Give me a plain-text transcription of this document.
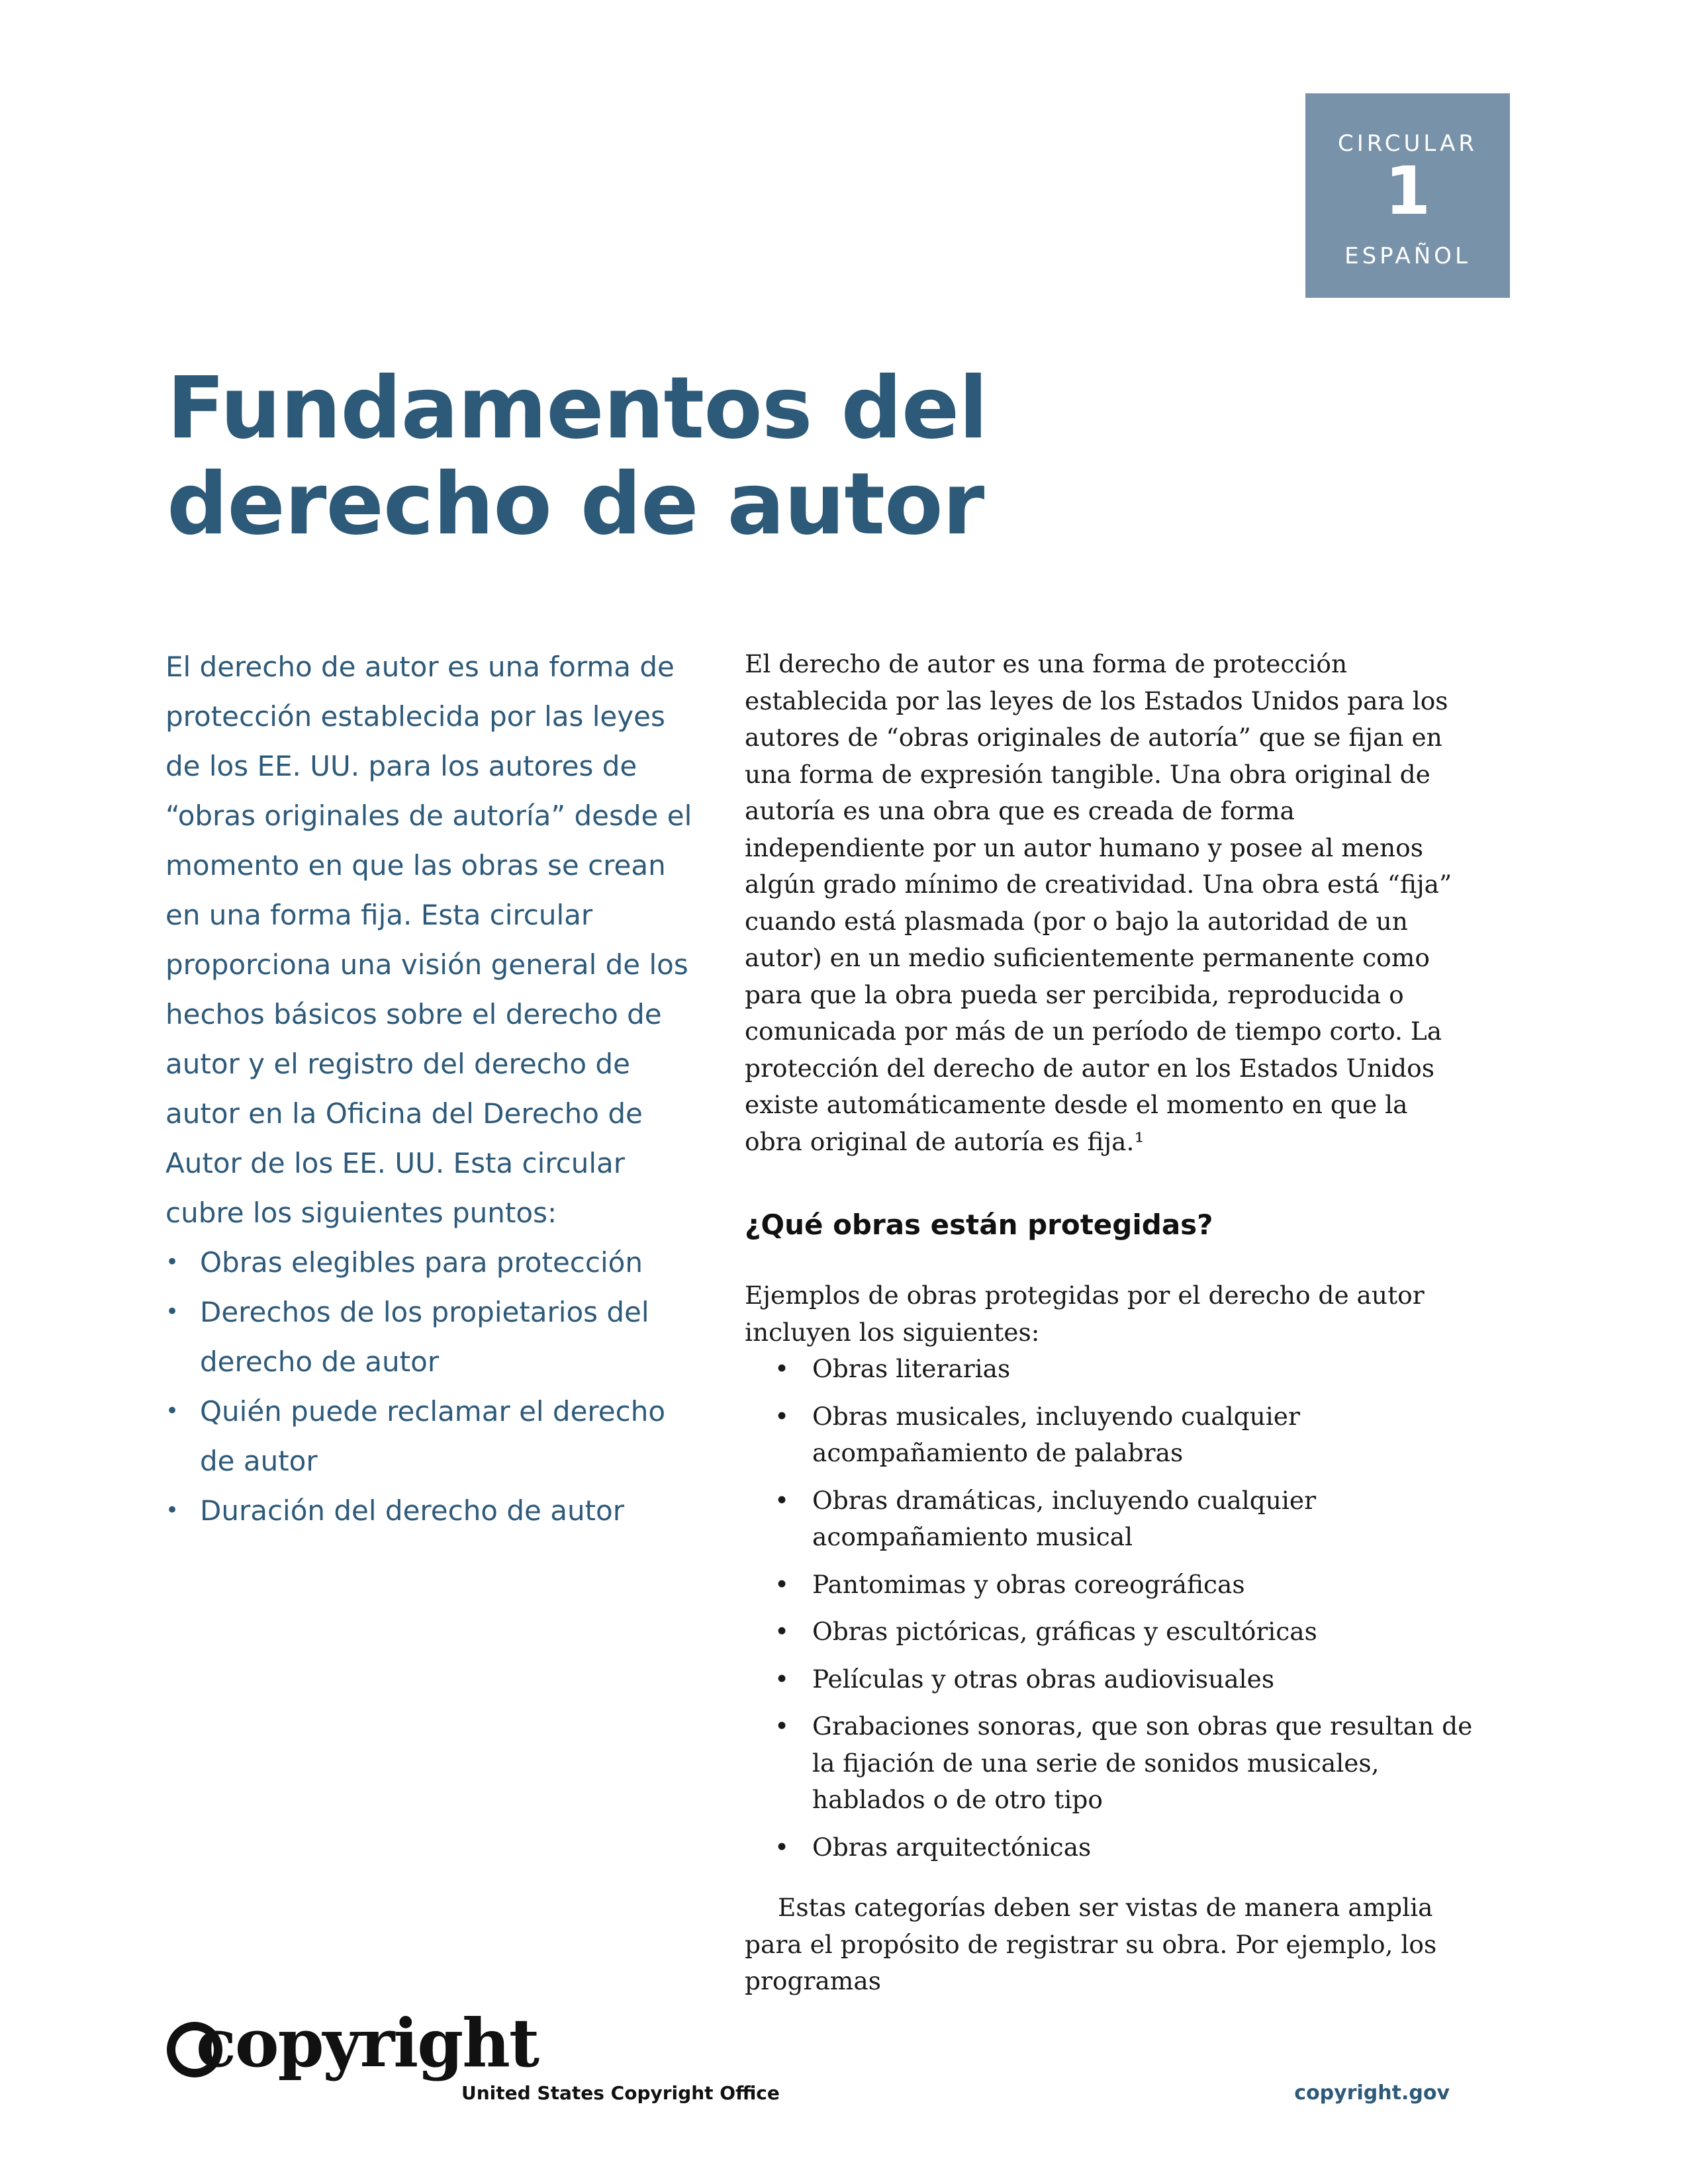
CIRCULAR
1
ESPAÑOL
Fundamentos del
derecho de autor

El derecho de autor es una forma de protección establecida por las leyes de los EE. UU. para los autores de “obras originales de autoría” desde el momento en que las obras se crean en una forma fija. Esta circular proporciona una visión general de los hechos básicos sobre el derecho de autor y el registro del derecho de autor en la Oficina del Derecho de Autor de los EE. UU. Esta circular cubre los siguientes puntos:

• Obras elegibles para protección
• Derechos de los propietarios del derecho de autor
• Quién puede reclamar el derecho de autor
• Duración del derecho de autor

El derecho de autor es una forma de protección establecida por las leyes de los Estados Unidos para los autores de “obras originales de autoría” que se fijan en una forma de expresión tangible. Una obra original de autoría es una obra que es creada de forma independiente por un autor humano y posee al menos algún grado mínimo de creatividad. Una obra está “fija” cuando está plasmada (por o bajo la autoridad de un autor) en un medio suficientemente permanente como para que la obra pueda ser percibida, reproducida o comunicada por más de un período de tiempo corto. La protección del derecho de autor en los Estados Unidos existe automáticamente desde el momento en que la obra original de autoría es fija.¹

¿Qué obras están protegidas?

Ejemplos de obras protegidas por el derecho de autor incluyen los siguientes:

• Obras literarias
• Obras musicales, incluyendo cualquier acompañamiento de palabras
• Obras dramáticas, incluyendo cualquier acompañamiento musical
• Pantomimas y obras coreográficas
• Obras pictóricas, gráficas y escultóricas
• Películas y otras obras audiovisuales
• Grabaciones sonoras, que son obras que resultan de la fijación de una serie de sonidos musicales, hablados o de otro tipo
• Obras arquitectónicas

Estas categorías deben ser vistas de manera amplia para el propósito de registrar su obra. Por ejemplo, los programas

copyright
United States Copyright Office	copyright.gov
